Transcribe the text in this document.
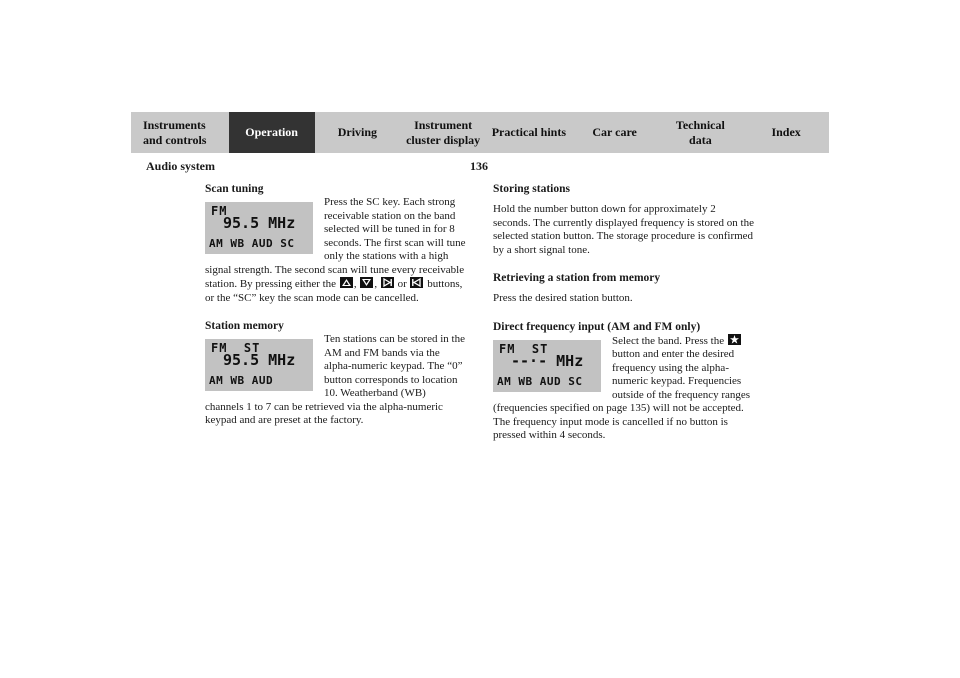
Instruments
and controls
Operation	Driving
Instrument
cluster display
Practical hints	Car care
Technical
data
Index
Audio system	136
Scan tuning
FM
95.5 MHz
AM WB AUD SC

Press the SC key. Each strong receivable station on the band selected will be tuned in for 8 seconds. The first scan will tune only the stations with a high signal strength. The second scan will tune every receivable station. By pressing either the , , or buttons, or the “SC” key the scan mode can be cancelled.

Station memory
FM  ST
95.5 MHz
AM WB AUD

Ten stations can be stored in the AM and FM bands via the alpha-numeric keypad. The “0” button corresponds to location 10. Weatherband (WB) channels 1 to 7 can be retrieved via the alpha-numeric keypad and are preset at the factory.

Storing stations

Hold the number button down for approximately 2 seconds. The currently displayed frequency is stored on the selected station button. The storage procedure is confirmed by a short signal tone.

Retrieving a station from memory

Press the desired station button.

Direct frequency input (AM and FM only)
FM  ST
--·- MHz
AM WB AUD SC

Select the band. Press the
button and enter the desired frequency using the alpha-numeric keypad. Frequencies outside of the frequency ranges (frequencies specified on page 135) will not be accepted. The frequency input mode is cancelled if no button is pressed within 4 seconds.
